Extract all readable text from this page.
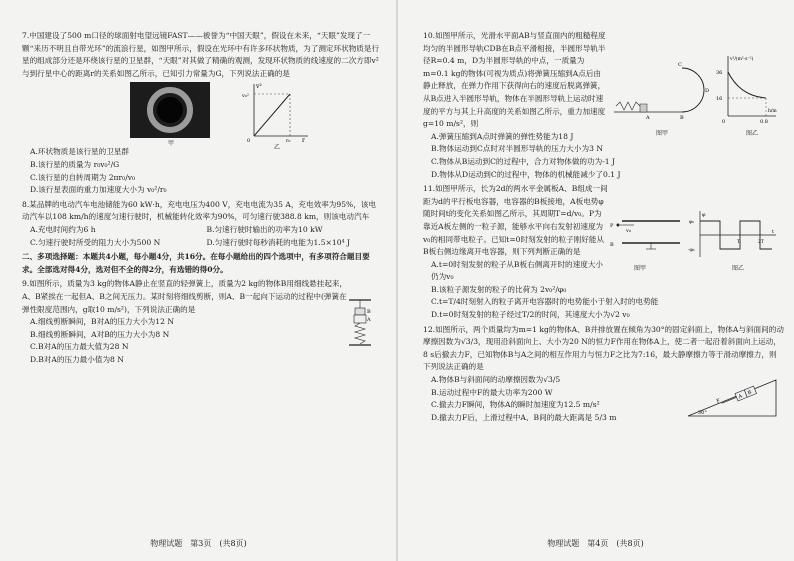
7.中国建设了500 m口径的球面射电望远镜FAST——被誉为“中国天眼”，假设在未来，“天眼”发现了一颗“来历不明且自带光环”的流浪行星，如图甲所示，假设在光环中有许多环状物质，为了测定环状物质是行星的组成部分还是环绕该行星的卫星群，“天眼”对其做了精确的观测，发现环状物质的线速度的二次方即v²与到行星中心的距离r的关系如图乙所示，已知引力常量为G，下列说法正确的是

甲
v²
r
v₀²
r₀
0
乙

A.环状物质是该行星的卫星群

B.该行星的质量为 r₀v₀²/G

C.该行星的自转周期为 2πr₀/v₀

D.该行星表面的重力加速度大小为 v₀²/r₀

8.某品牌的电动汽车电池储能为60 kW·h，充电电压为400 V，充电电流为35 A，充电效率为95%，该电动汽车以108 km/h的速度匀速行驶时，机械能转化效率为90%，可匀速行驶388.8 km，则该电动汽车

A.充电时间约为6 h	B.匀速行驶时输出的功率为10 kW
C.匀速行驶时所受的阻力大小为500 N	D.匀速行驶时每秒消耗的电能为1.5×10⁴ J

二、多项选择题：本题共4小题，每小题4分，共16分。在每小题给出的四个选项中，有多项符合题目要求。全部选对得4分，选对但不全的得2分，有选错的得0分。

9.如图所示，质量为3 kg的物体A静止在竖直的轻弹簧上，质量为2 kg的物体B用细线悬挂起来，A、B紧挨在一起但A、B之间无压力。某时刻将细线剪断，则A、B一起向下运动的过程中(弹簧在弹性限度范围内，g取10 m/s²)，下列说法正确的是

A.细线剪断瞬间，B对A的压力大小为12 N

B.细线剪断瞬间，A对B的压力大小为8 N

C.B对A的压力最大值为28 N

D.B对A的压力最小值为8 N

B
A
物理试题　第3页　(共8页)

10.如图甲所示，光滑水平面AB与竖直面内的粗糙程度均匀的半圆形导轨CDB在B点平滑相接，半圆形导轨半径R=0.4 m，D为半圆形导轨的中点，一质量为m=0.1 kg的物体(可视为质点)将弹簧压缩到A点后由静止释放，在弹力作用下获得向右的速度后脱离弹簧，从B点进入半圆形导轨，物体在半圆形导轨上运动时速度的平方与其上升高度的关系如图乙所示，重力加速度g=10 m/s²，则

A	B
C
D
图甲
v²/(m²·s⁻²)
36
16
0.8
h/m
0
图乙

A.弹簧压缩到A点时弹簧的弹性势能为18 J

B.物体运动到C点时对半圆形导轨的压力大小为3 N

C.物体从B运动到C的过程中，合力对物体做的功为-1 J

D.物体从D运动到C的过程中，物体的机械能减少了0.1 J

11.如图甲所示，长为2d的两水平金属板A、B组成一间距为d的平行板电容器，电容器的B板接地，A板电势φ随时间t的变化关系如图乙所示，其周期T=d/v₀。P为靠近A板左侧的一粒子源，能够水平向右发射初速度为v₀的相同带电粒子。已知t=0时刻发射的粒子刚好能从B板右侧边缘离开电容器，则下列判断正确的是

P
v₀
B
φ
φ₀
-φ₀
t
T	2T
图甲	图乙

A.t=0时刻发射的粒子从B板右侧离开时的速度大小仍为v₀

B.该粒子源发射的粒子的比荷为 2v₀²/φ₀

C.t=T/4时刻射入的粒子离开电容器时的电势能小于射入时的电势能

D.t=0时刻发射的粒子经过T/2的时间，其速度大小为√2 v₀

12.如图所示，两个质量均为m=1 kg的物体A、B并排放置在倾角为30°的固定斜面上，物体A与斜面间的动摩擦因数为√3/3，现用沿斜面向上、大小为20 N的恒力F作用在物体A上，使二者一起沿着斜面向上运动，8 s后撤去力F，已知物体B与A之间的相互作用力与恒力F之比为7:16，最大静摩擦力等于滑动摩擦力，则下列说法正确的是

A.物体B与斜面间的动摩擦因数为√3/5

B.运动过程中F的最大功率为200 W

C.撤去力F瞬间，物体A的瞬时加速度为12.5 m/s²

D.撤去力F后，上滑过程中A、B间的最大距离是 5/3 m

A
B
F
30°
物理试题　第4页　(共8页)
